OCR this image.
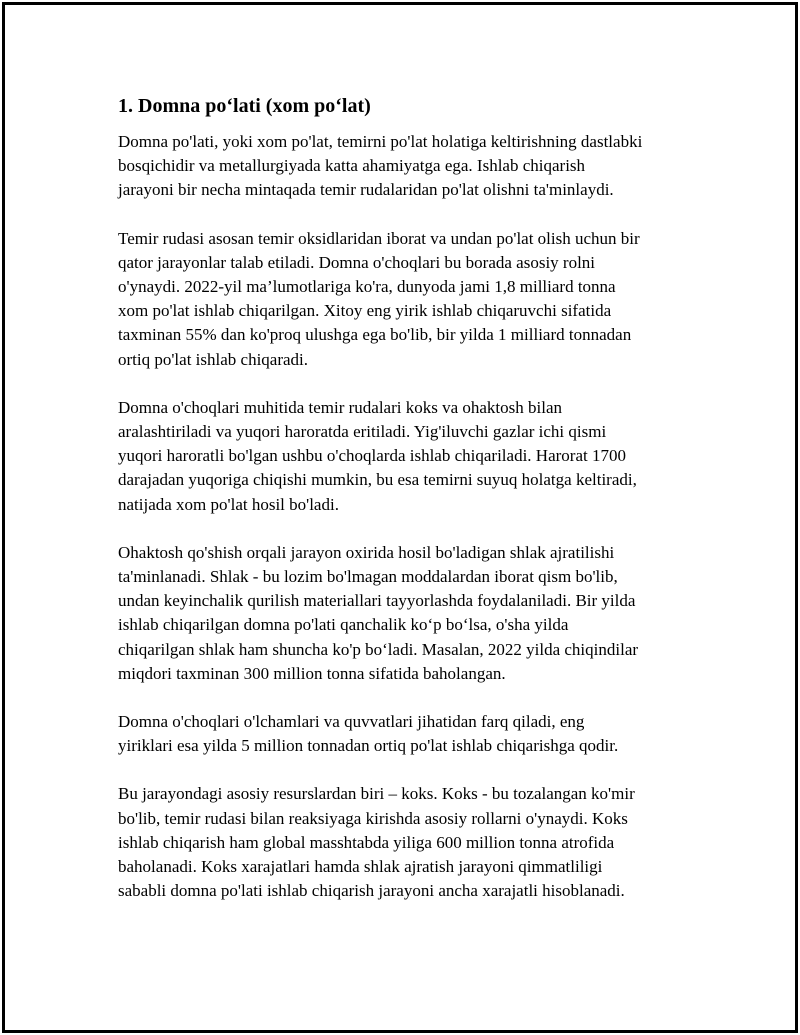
1. Domna po‘lati (xom po‘lat)

Domna po'lati, yoki xom po'lat, temirni po'lat holatiga keltirishning dastlabki
bosqichidir va metallurgiyada katta ahamiyatga ega. Ishlab chiqarish
jarayoni bir necha mintaqada temir rudalaridan po'lat olishni ta'minlaydi.

Temir rudasi asosan temir oksidlaridan iborat va undan po'lat olish uchun bir
qator jarayonlar talab etiladi. Domna o'choqlari bu borada asosiy rolni
o'ynaydi. 2022-yil ma’lumotlariga ko'ra, dunyoda jami 1,8 milliard tonna
xom po'lat ishlab chiqarilgan. Xitoy eng yirik ishlab chiqaruvchi sifatida
taxminan 55% dan ko'proq ulushga ega bo'lib, bir yilda 1 milliard tonnadan
ortiq po'lat ishlab chiqaradi.

Domna o'choqlari muhitida temir rudalari koks va ohaktosh bilan
aralashtiriladi va yuqori haroratda eritiladi. Yig'iluvchi gazlar ichi qismi
yuqori haroratli bo'lgan ushbu o'choqlarda ishlab chiqariladi. Harorat 1700
darajadan yuqoriga chiqishi mumkin, bu esa temirni suyuq holatga keltiradi,
natijada xom po'lat hosil bo'ladi.

Ohaktosh qo'shish orqali jarayon oxirida hosil bo'ladigan shlak ajratilishi
ta'minlanadi. Shlak - bu lozim bo'lmagan moddalardan iborat qism bo'lib,
undan keyinchalik qurilish materiallari tayyorlashda foydalaniladi. Bir yilda
ishlab chiqarilgan domna po'lati qanchalik ko‘p bo‘lsa, o'sha yilda
chiqarilgan shlak ham shuncha ko'p bo‘ladi. Masalan, 2022 yilda chiqindilar
miqdori taxminan 300 million tonna sifatida baholangan.

Domna o'choqlari o'lchamlari va quvvatlari jihatidan farq qiladi, eng
yiriklari esa yilda 5 million tonnadan ortiq po'lat ishlab chiqarishga qodir.

Bu jarayondagi asosiy resurslardan biri – koks. Koks - bu tozalangan ko'mir
bo'lib, temir rudasi bilan reaksiyaga kirishda asosiy rollarni o'ynaydi. Koks
ishlab chiqarish ham global masshtabda yiliga 600 million tonna atrofida
baholanadi. Koks xarajatlari hamda shlak ajratish jarayoni qimmatliligi
sababli domna po'lati ishlab chiqarish jarayoni ancha xarajatli hisoblanadi.
